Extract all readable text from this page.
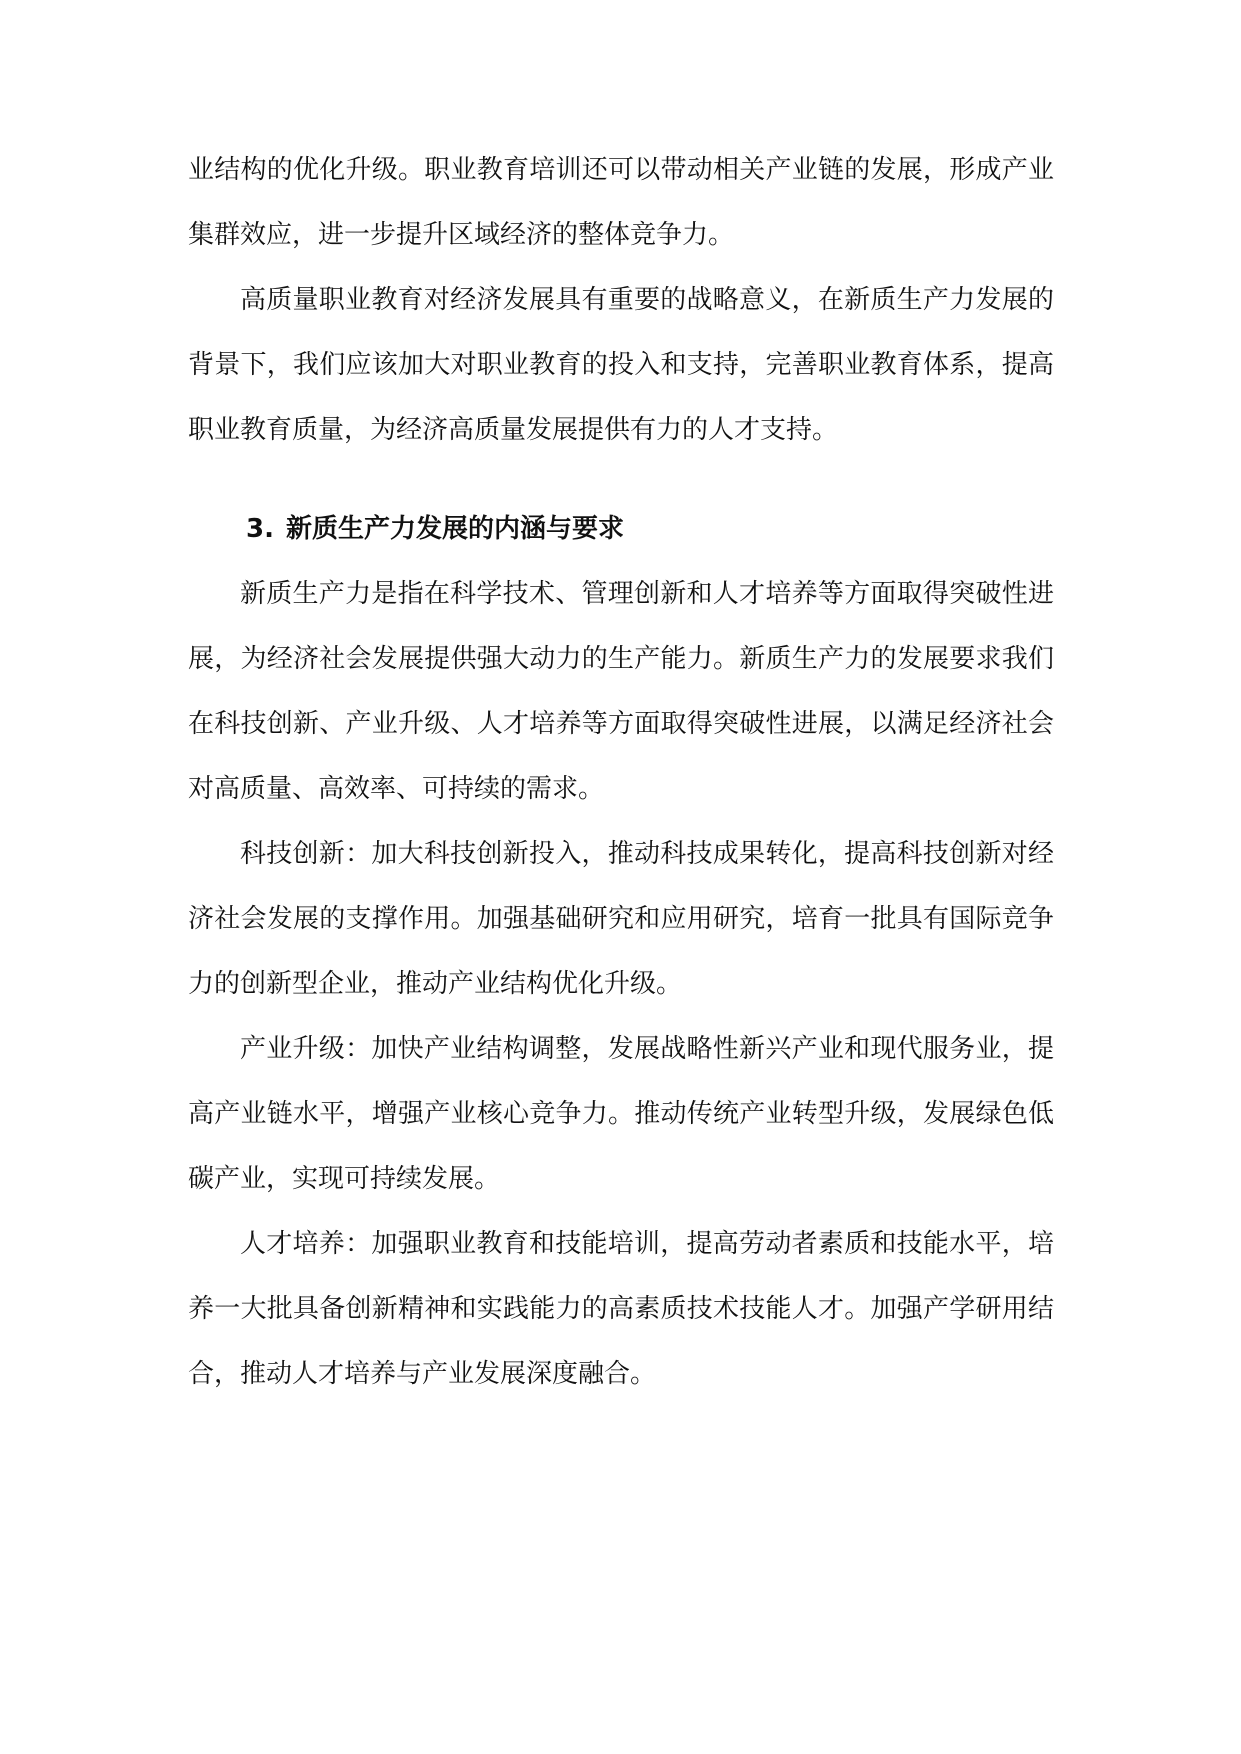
业结构的优化升级。职业教育培训还可以带动相关产业链的发展，形成产业集群效应，进一步提升区域经济的整体竞争力。

高质量职业教育对经济发展具有重要的战略意义，在新质生产力发展的背景下，我们应该加大对职业教育的投入和支持，完善职业教育体系，提高职业教育质量，为经济高质量发展提供有力的人才支持。

3. 新质生产力发展的内涵与要求

新质生产力是指在科学技术、管理创新和人才培养等方面取得突破性进展，为经济社会发展提供强大动力的生产能力。新质生产力的发展要求我们在科技创新、产业升级、人才培养等方面取得突破性进展，以满足经济社会对高质量、高效率、可持续的需求。

科技创新：加大科技创新投入，推动科技成果转化，提高科技创新对经济社会发展的支撑作用。加强基础研究和应用研究，培育一批具有国际竞争力的创新型企业，推动产业结构优化升级。

产业升级：加快产业结构调整，发展战略性新兴产业和现代服务业，提高产业链水平，增强产业核心竞争力。推动传统产业转型升级，发展绿色低碳产业，实现可持续发展。

人才培养：加强职业教育和技能培训，提高劳动者素质和技能水平，培养一大批具备创新精神和实践能力的高素质技术技能人才。加强产学研用结合，推动人才培养与产业发展深度融合。
